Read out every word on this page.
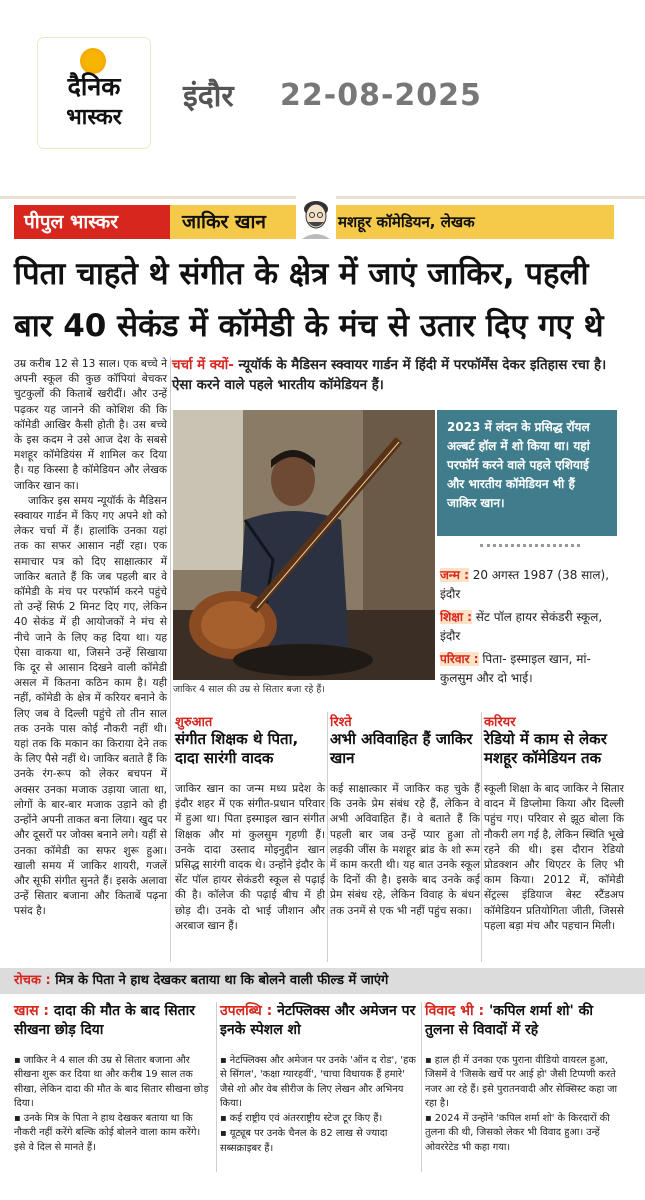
दैनिक
भास्कर
इंदौर 22-08-2025
पीपुल भास्कर	जाकिर खान	मशहूर कॉमेडियन, लेखक
पिता चाहते थे संगीत के क्षेत्र में जाएं जाकिर, पहली बार 40 सेकंड में कॉमेडी के मंच से उतार दिए गए थे
उम्र करीब 12 से 13 साल। एक बच्चे ने अपनी स्कूल की कुछ कॉपियां बेचकर चुटकुलों की किताबें खरीदीं। और उन्हें पढ़कर यह जानने की कोशिश की कि कॉमेडी आखिर कैसी होती है। उस बच्चे के इस कदम ने उसे आज देश के सबसे मशहूर कॉमेडियंस में शामिल कर दिया है। यह किस्सा है कॉमेडियन और लेखक जाकिर खान का।
जाकिर इस समय न्यूयॉर्क के मैडिसन स्क्वायर गार्डन में किए गए अपने शो को लेकर चर्चा में हैं। हालांकि उनका यहां तक का सफर आसान नहीं रहा। एक समाचार पत्र को दिए साक्षात्कार में जाकिर बताते हैं कि जब पहली बार वे कॉमेडी के मंच पर परफॉर्म करने पहुंचे तो उन्हें सिर्फ 2 मिनट दिए गए, लेकिन 40 सेकंड में ही आयोजकों ने मंच से नीचे जाने के लिए कह दिया था। यह ऐसा वाकया था, जिसने उन्हें सिखाया कि दूर से आसान दिखने वाली कॉमेडी असल में कितना कठिन काम है। यही नहीं, कॉमेडी के क्षेत्र में करियर बनाने के लिए जब वे दिल्ली पहुंचे तो तीन साल तक उनके पास कोई नौकरी नहीं थी। यहां तक कि मकान का किराया देने तक के लिए पैसे नहीं थे। जाकिर बताते हैं कि उनके रंग-रूप को लेकर बचपन में अक्सर उनका मजाक उड़ाया जाता था, लोगों के बार-बार मजाक उड़ाने को ही उन्होंने अपनी ताकत बना लिया। खुद पर और दूसरों पर जोक्स बनाने लगे। यहीं से उनका कॉमेडी का सफर शुरू हुआ। खाली समय में जाकिर शायरी, गजलें और सूफी संगीत सुनते हैं। इसके अलावा उन्हें सितार बजाना और किताबें पढ़ना पसंद है।
चर्चा में क्यों- न्यूयॉर्क के मैडिसन स्क्वायर गार्डन में हिंदी में परफॉर्मेंस देकर इतिहास रचा है। ऐसा करने वाले पहले भारतीय कॉमेडियन हैं।
जाकिर 4 साल की उम्र से सितार बजा रहे हैं।
2023 में लंदन के प्रसिद्ध रॉयल अल्बर्ट हॉल में शो किया था। यहां परफॉर्म करने वाले पहले एशियाई और भारतीय कॉमेडियन भी हैं जाकिर खान।
जन्म : 20 अगस्त 1987 (38 साल), इंदौर
शिक्षा : सेंट पॉल हायर सेकंडरी स्कूल, इंदौर
परिवार : पिता- इस्माइल खान, मां- कुलसुम और दो भाई।
शुरुआत
संगीत शिक्षक थे पिता, दादा सारंगी वादक
रिश्ते
अभी अविवाहित हैं जाकिर खान
करियर
रेडियो में काम से लेकर मशहूर कॉमेडियन तक
जाकिर खान का जन्म मध्य प्रदेश के इंदौर शहर में एक संगीत-प्रधान परिवार में हुआ था। पिता इस्माइल खान संगीत शिक्षक और मां कुलसुम गृहणी हैं। उनके दादा उस्ताद मोइनुद्दीन खान प्रसिद्ध सारंगी वादक थे। उन्होंने इंदौर के सेंट पॉल हायर सेकंडरी स्कूल से पढ़ाई की है। कॉलेज की पढ़ाई बीच में ही छोड़ दी। उनके दो भाई जीशान और अरबाज खान हैं।
कई साक्षात्कार में जाकिर कह चुके हैं कि उनके प्रेम संबंध रहे हैं, लेकिन वे अभी अविवाहित हैं। वे बताते हैं कि पहली बार जब उन्हें प्यार हुआ तो लड़की जींस के मशहूर ब्रांड के शो रूम में काम करती थी। यह बात उनके स्कूल के दिनों की है। इसके बाद उनके कई प्रेम संबंध रहे, लेकिन विवाह के बंधन तक उनमें से एक भी नहीं पहुंच सका।
स्कूली शिक्षा के बाद जाकिर ने सितार वादन में डिप्लोमा किया और दिल्ली पहुंच गए। परिवार से झूठ बोला कि नौकरी लग गई है, लेकिन स्थिति भूखे रहने की थी। इस दौरान रेडियो प्रोडक्शन और थिएटर के लिए भी काम किया। 2012 में, कॉमेडी सेंट्रल्स इंडियाज बेस्ट स्टैंडअप कॉमेडियन प्रतियोगिता जीती, जिससे पहला बड़ा मंच और पहचान मिली।
रोचक : मित्र के पिता ने हाथ देखकर बताया था कि बोलने वाली फील्ड में जाएंगे
खास : दादा की मौत के बाद सितार सीखना छोड़ दिया
उपलब्धि : नेटफ्लिक्स और अमेजन पर इनके स्पेशल शो
विवाद भी : 'कपिल शर्मा शो' की तुलना से विवादों में रहे

▪ जाकिर ने 4 साल की उम्र से सितार बजाना और सीखना शुरू कर दिया था और करीब 19 साल तक सीखा, लेकिन दादा की मौत के बाद सितार सीखना छोड़ दिया।

▪ उनके मित्र के पिता ने हाथ देखकर बताया था कि नौकरी नहीं करेंगे बल्कि कोई बोलने वाला काम करेंगे। इसे वे दिल से मानते हैं।

▪ नेटफ्लिक्स और अमेजन पर उनके 'ऑन द रोड', 'हक से सिंगल', 'कक्षा ग्यारहवीं', 'चाचा विधायक हैं हमारे' जैसे शो और वेब सीरीज के लिए लेखन और अभिनय किया।

▪ कई राष्ट्रीय एवं अंतरराष्ट्रीय स्टेज टूर किए हैं।

▪ यूट्यूब पर उनके चैनल के 82 लाख से ज्यादा सब्सक्राइबर हैं।

▪ हाल ही में उनका एक पुराना वीडियो वायरल हुआ, जिसमें वे 'जिसके खर्चे पर आई हो' जैसी टिप्पणी करते नजर आ रहे हैं। इसे पुरातनवादी और सेक्सिस्ट कहा जा रहा है।

▪ 2024 में उन्होंने 'कपिल शर्मा शो' के किरदारों की तुलना की थी, जिसको लेकर भी विवाद हुआ। उन्हें ओवररेटेड भी कहा गया।
